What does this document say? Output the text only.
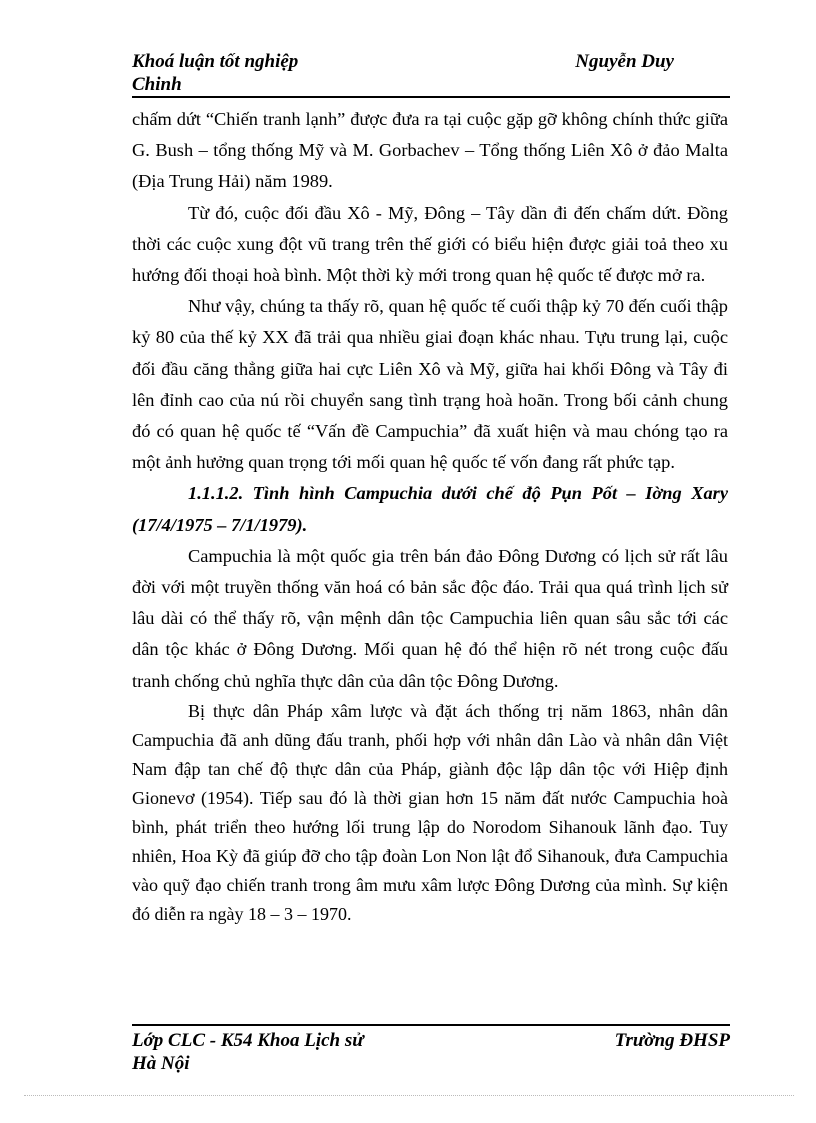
Khoá luận tốt nghiệp	Nguyễn Duy
Chinh

chấm dứt “Chiến tranh lạnh” được đưa ra tại cuộc gặp gỡ không chính thức giữa G. Bush – tổng thống Mỹ và M. Gorbachev – Tổng thống Liên Xô ở đảo Malta (Địa Trung Hải) năm 1989.

Từ đó, cuộc đối đầu Xô - Mỹ, Đông – Tây dần đi đến chấm dứt. Đồng thời các cuộc xung đột vũ trang trên thế giới có biểu hiện được giải toả theo xu hướng đối thoại hoà bình. Một thời kỳ mới trong quan hệ quốc tế được mở ra.

Như vậy, chúng ta thấy rõ, quan hệ quốc tế cuối thập kỷ 70 đến cuối thập kỷ 80 của thế kỷ XX đã trải qua nhiều giai đoạn khác nhau. Tựu trung lại, cuộc đối đầu căng thẳng giữa hai cực Liên Xô và Mỹ, giữa hai khối Đông và Tây đi lên đỉnh cao của nú rồi chuyển sang tình trạng hoà hoãn. Trong bối cảnh chung đó có quan hệ quốc tế “Vấn đề Campuchia” đã xuất hiện và mau chóng tạo ra một ảnh hưởng quan trọng tới mối quan hệ quốc tế vốn đang rất phức tạp.

1.1.1.2. Tình hình Campuchia dưới chế độ Pụn Pốt – Iờng Xary (17/4/1975 – 7/1/1979).

Campuchia là một quốc gia trên bán đảo Đông Dương có lịch sử rất lâu đời với một truyền thống văn hoá có bản sắc độc đáo. Trải qua quá trình lịch sử lâu dài có thể thấy rõ, vận mệnh dân tộc Campuchia liên quan sâu sắc tới các dân tộc khác ở Đông Dương. Mối quan hệ đó thể hiện rõ nét trong cuộc đấu tranh chống chủ nghĩa thực dân của dân tộc Đông Dương.

Bị thực dân Pháp xâm lược và đặt ách thống trị năm 1863, nhân dân Campuchia đã anh dũng đấu tranh, phối hợp với nhân dân Lào và nhân dân Việt Nam đập tan chế độ thực dân của Pháp, giành độc lập dân tộc với Hiệp định Gionevơ (1954). Tiếp sau đó là thời gian hơn 15 năm đất nước Campuchia hoà bình, phát triển theo hướng lối trung lập do Norodom Sihanouk lãnh đạo. Tuy nhiên, Hoa Kỳ đã giúp đỡ cho tập đoàn Lon Non lật đổ Sihanouk, đưa Campuchia vào quỹ đạo chiến tranh trong âm mưu xâm lược Đông Dương của mình. Sự kiện đó diễn ra ngày 18 – 3 – 1970.

Lớp CLC - K54 Khoa Lịch sử	Trường ĐHSP
Hà Nội
